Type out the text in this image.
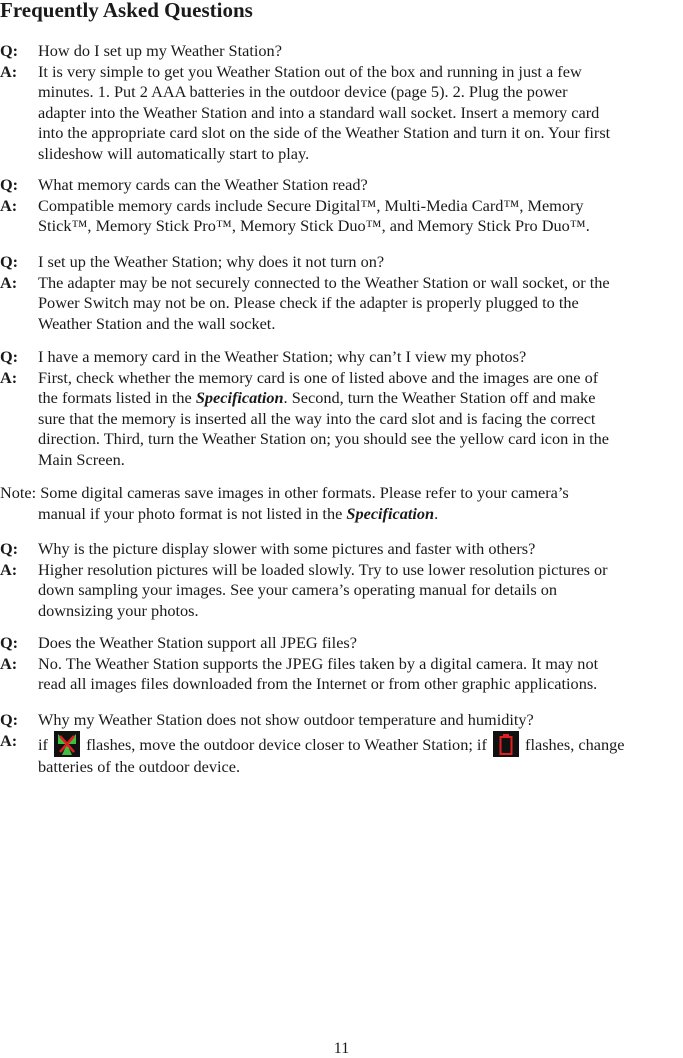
Frequently Asked Questions
Q:	How do I set up my Weather Station?
A:	It is very simple to get you Weather Station out of the box and running in just a few
minutes. 1. Put 2 AAA batteries in the outdoor device (page 5). 2. Plug the power
adapter into the Weather Station and into a standard wall socket. Insert a memory card
into the appropriate card slot on the side of the Weather Station and turn it on. Your first
slideshow will automatically start to play.
Q:	What memory cards can the Weather Station read?
A:	Compatible memory cards include Secure Digital™, Multi-Media Card™, Memory
Stick™, Memory Stick Pro™, Memory Stick Duo™, and Memory Stick Pro Duo™.
Q:	I set up the Weather Station; why does it not turn on?
A:	The adapter may be not securely connected to the Weather Station or wall socket, or the
Power Switch may not be on. Please check if the adapter is properly plugged to the
Weather Station and the wall socket.
Q:	I have a memory card in the Weather Station; why can’t I view my photos?
A:	First, check whether the memory card is one of listed above and the images are one of
the formats listed in the Specification. Second, turn the Weather Station off and make
sure that the memory is inserted all the way into the card slot and is facing the correct
direction. Third, turn the Weather Station on; you should see the yellow card icon in the
Main Screen.
Note: Some digital cameras save images in other formats. Please refer to your camera’s
manual if your photo format is not listed in the Specification.
Q:	Why is the picture display slower with some pictures and faster with others?
A:	Higher resolution pictures will be loaded slowly. Try to use lower resolution pictures or
down sampling your images. See your camera’s operating manual for details on
downsizing your photos.
Q:	Does the Weather Station support all JPEG files?
A:	No. The Weather Station supports the JPEG files taken by a digital camera. It may not
read all images files downloaded from the Internet or from other graphic applications.
Q:	Why my Weather Station does not show outdoor temperature and humidity?
A:	if  flashes, move the outdoor device closer to Weather Station; if  flashes, change
batteries of the outdoor device.
11
